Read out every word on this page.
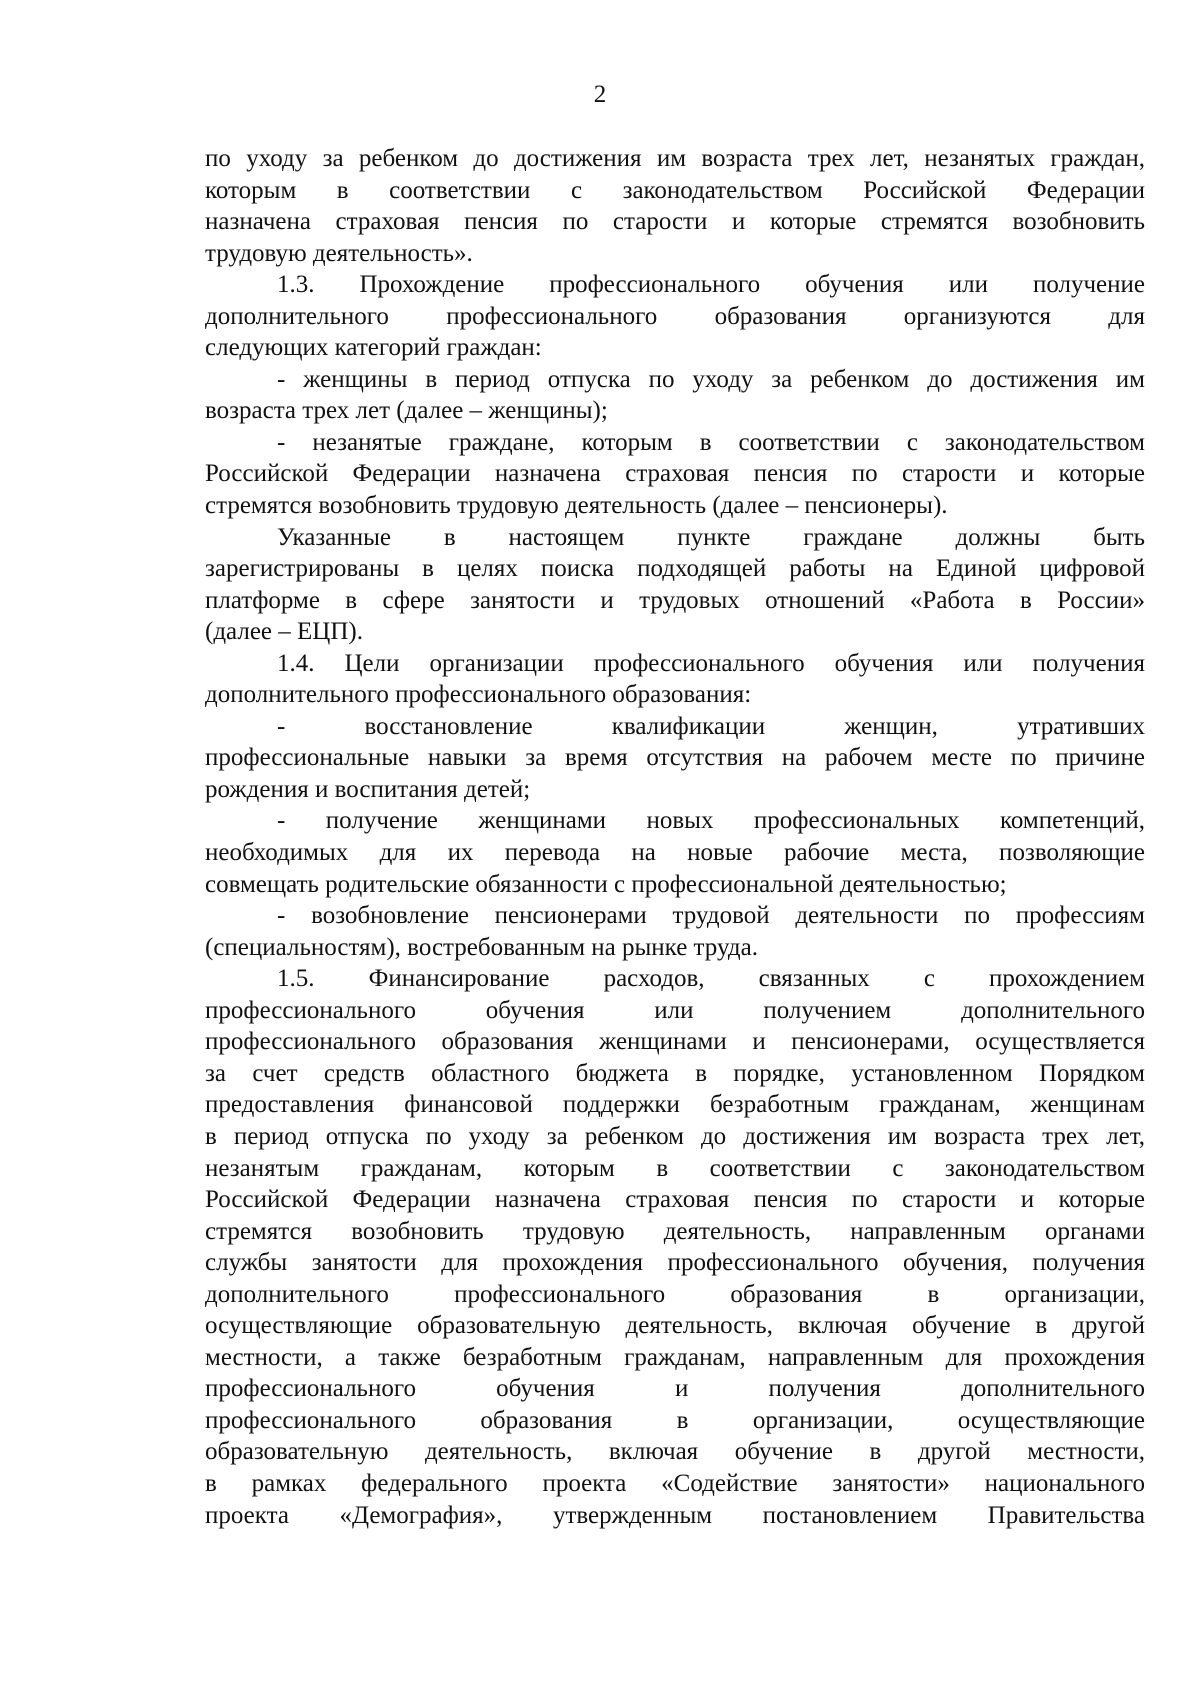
2
по уходу за ребенком до достижения им возраста трех лет, незанятых граждан,
которым в соответствии с законодательством Российской Федерации
назначена страховая пенсия по старости и которые стремятся возобновить
трудовую деятельность».
1.3. Прохождение профессионального обучения или получение
дополнительного профессионального образования организуются для
следующих категорий граждан:
- женщины в период отпуска по уходу за ребенком до достижения им
возраста трех лет (далее – женщины);
- незанятые граждане, которым в соответствии с законодательством
Российской Федерации назначена страховая пенсия по старости и которые
стремятся возобновить трудовую деятельность (далее – пенсионеры).
Указанные в настоящем пункте граждане должны быть
зарегистрированы в целях поиска подходящей работы на Единой цифровой
платформе в сфере занятости и трудовых отношений «Работа в России»
(далее – ЕЦП).
1.4. Цели организации профессионального обучения или получения
дополнительного профессионального образования:
- восстановление квалификации женщин, утративших
профессиональные навыки за время отсутствия на рабочем месте по причине
рождения и воспитания детей;
- получение женщинами новых профессиональных компетенций,
необходимых для их перевода на новые рабочие места, позволяющие
совмещать родительские обязанности с профессиональной деятельностью;
- возобновление пенсионерами трудовой деятельности по профессиям
(специальностям), востребованным на рынке труда.
1.5. Финансирование расходов, связанных с прохождением
профессионального обучения или получением дополнительного
профессионального образования женщинами и пенсионерами, осуществляется
за счет средств областного бюджета в порядке, установленном Порядком
предоставления финансовой поддержки безработным гражданам, женщинам
в период отпуска по уходу за ребенком до достижения им возраста трех лет,
незанятым гражданам, которым в соответствии с законодательством
Российской Федерации назначена страховая пенсия по старости и которые
стремятся возобновить трудовую деятельность, направленным органами
службы занятости для прохождения профессионального обучения, получения
дополнительного профессионального образования в организации,
осуществляющие образовательную деятельность, включая обучение в другой
местности, а также безработным гражданам, направленным для прохождения
профессионального обучения и получения дополнительного
профессионального образования в организации, осуществляющие
образовательную деятельность, включая обучение в другой местности,
в рамках федерального проекта «Содействие занятости» национального
проекта «Демография», утвержденным постановлением Правительства
